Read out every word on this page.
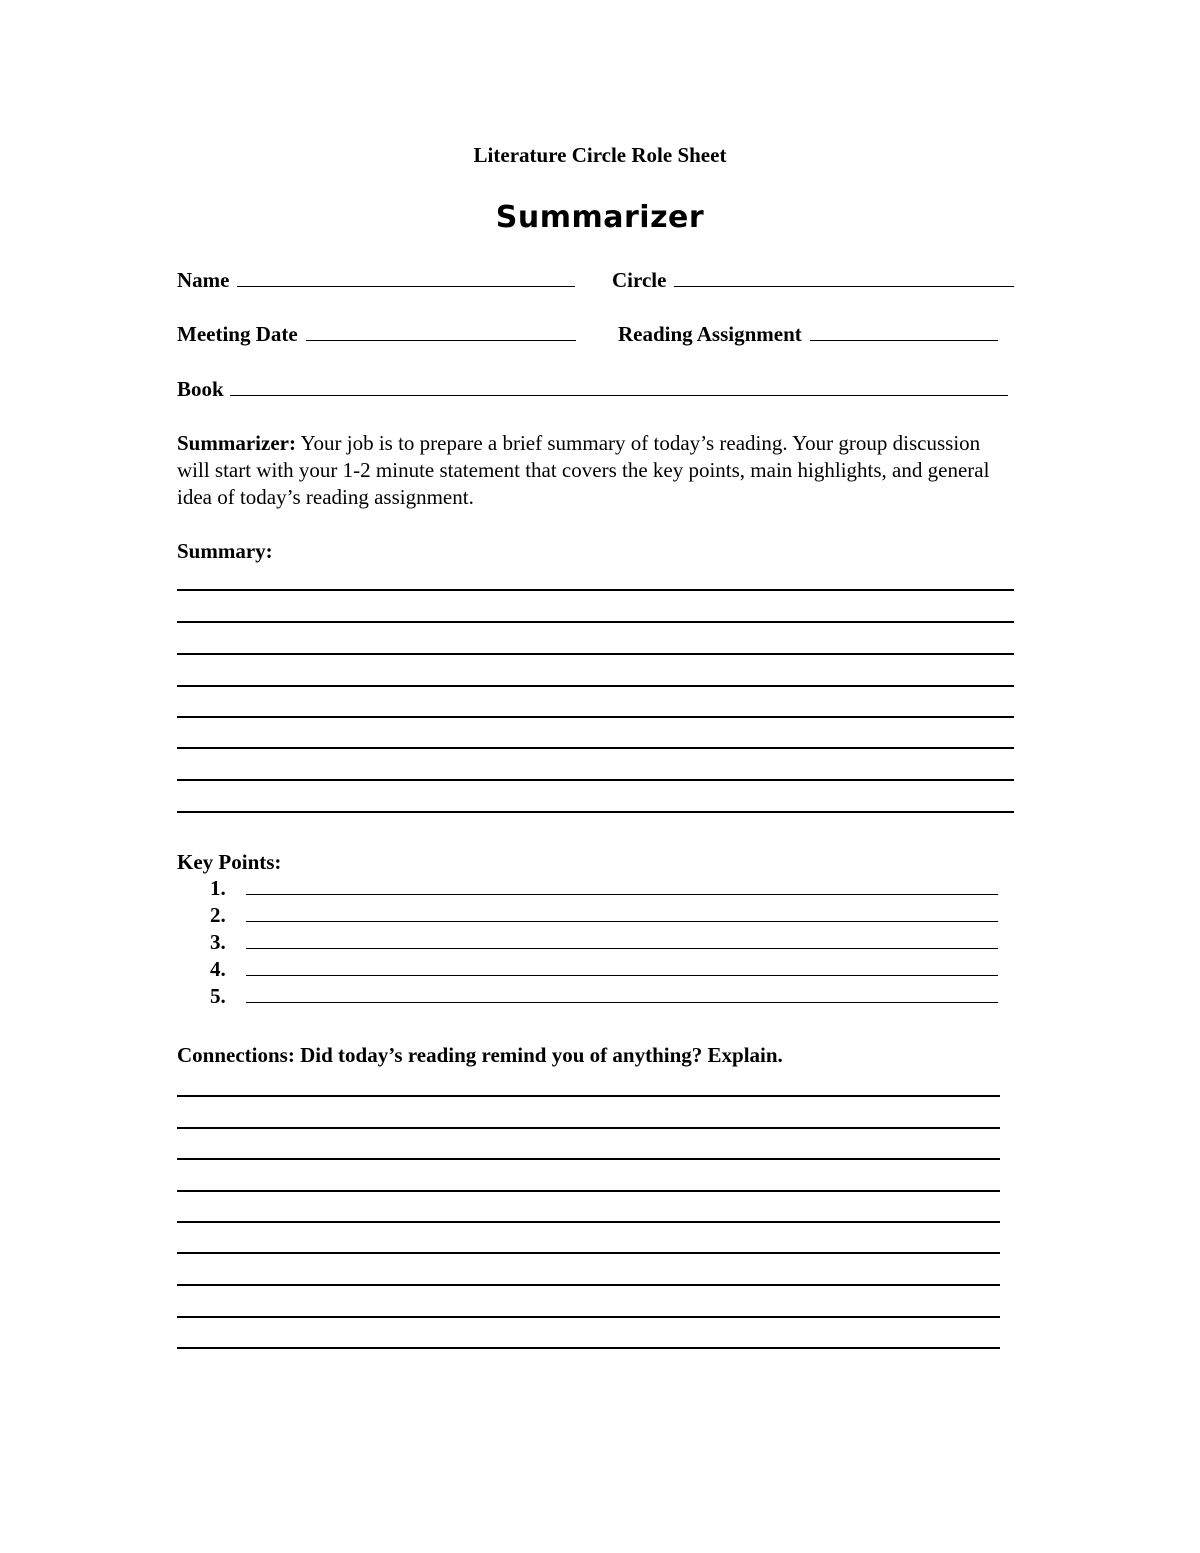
Literature Circle Role Sheet
Summarizer
Name	Circle
Meeting Date	Reading Assignment
Book
Summarizer: Your job is to prepare a brief summary of today’s reading. Your group discussion will start with your 1-2 minute statement that covers the key points, main highlights, and general idea of today’s reading assignment.
Summary:
Key Points:
1.
2.
3.
4.
5.
Connections: Did today’s reading remind you of anything? Explain.
